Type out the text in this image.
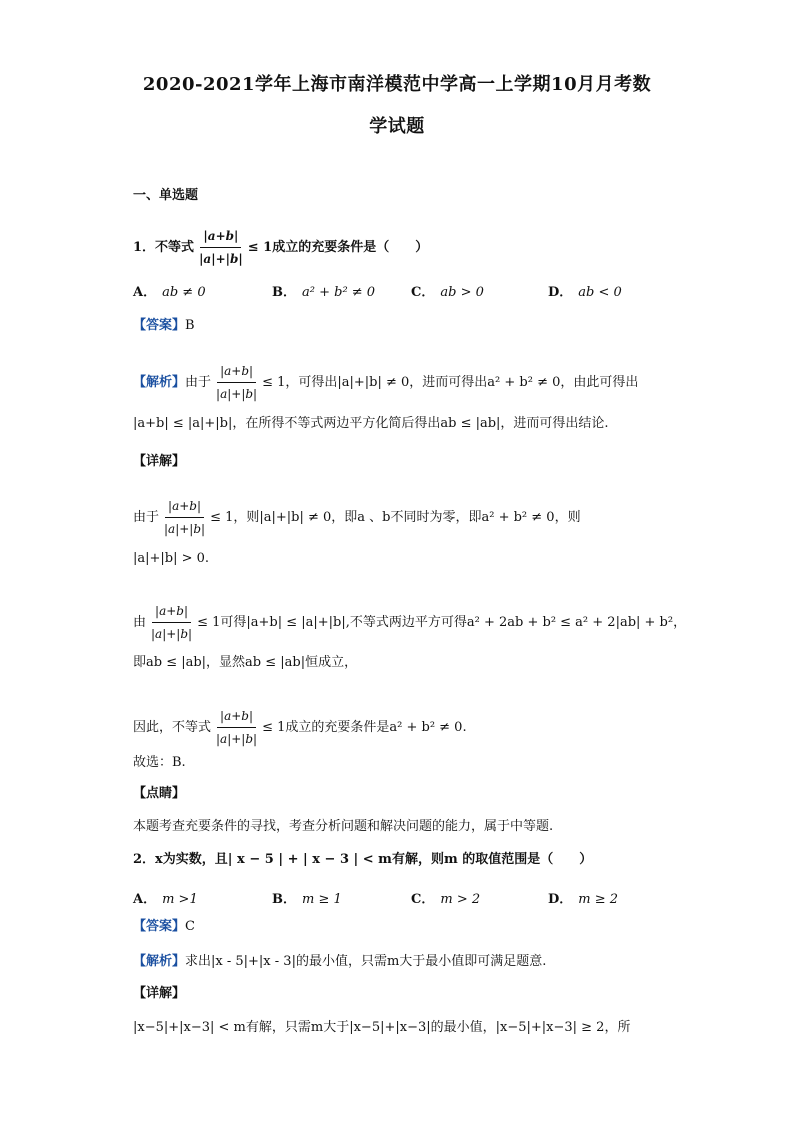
2020-2021学年上海市南洋模范中学高一上学期10月月考数
学试题
一、单选题
1．不等式 $\frac{|a+b|}{|a|+|b|} \le 1$成立的充要条件是（　　）
A． ab ≠ 0	B． a² + b² ≠ 0	C． ab > 0	D． ab < 0
【答案】B
【解析】由于 $\frac{|a+b|}{|a|+|b|} \le 1$，可得出|a|+|b| ≠ 0，进而可得出a² + b² ≠ 0，由此可得出
|a+b| ≤ |a|+|b|，在所得不等式两边平方化简后得出ab ≤ |ab|，进而可得出结论.
【详解】
由于 $\frac{|a+b|}{|a|+|b|} \le 1$，则|a|+|b| ≠ 0，即a 、b不同时为零，即a² + b² ≠ 0，则
|a|+|b| > 0.
由 $\frac{|a+b|}{|a|+|b|} \le 1$可得|a+b| ≤ |a|+|b|,不等式两边平方可得a² + 2ab + b² ≤ a² + 2|ab| + b²，
即ab ≤ |ab|，显然ab ≤ |ab|恒成立，
因此，不等式 $\frac{|a+b|}{|a|+|b|} \le 1$成立的充要条件是a² + b² ≠ 0.
故选：B.
【点睛】
本题考查充要条件的寻找，考查分析问题和解决问题的能力，属于中等题.
2．x为实数，且| x − 5 | + | x − 3 | < m有解，则m 的取值范围是（　　）
A． m >1	B． m ≥ 1	C． m > 2	D． m ≥ 2
【答案】C
【解析】求出|x - 5|+|x - 3|的最小值，只需m大于最小值即可满足题意.
【详解】
|x−5|+|x−3| < m有解，只需m大于|x−5|+|x−3|的最小值，|x−5|+|x−3| ≥ 2，所
